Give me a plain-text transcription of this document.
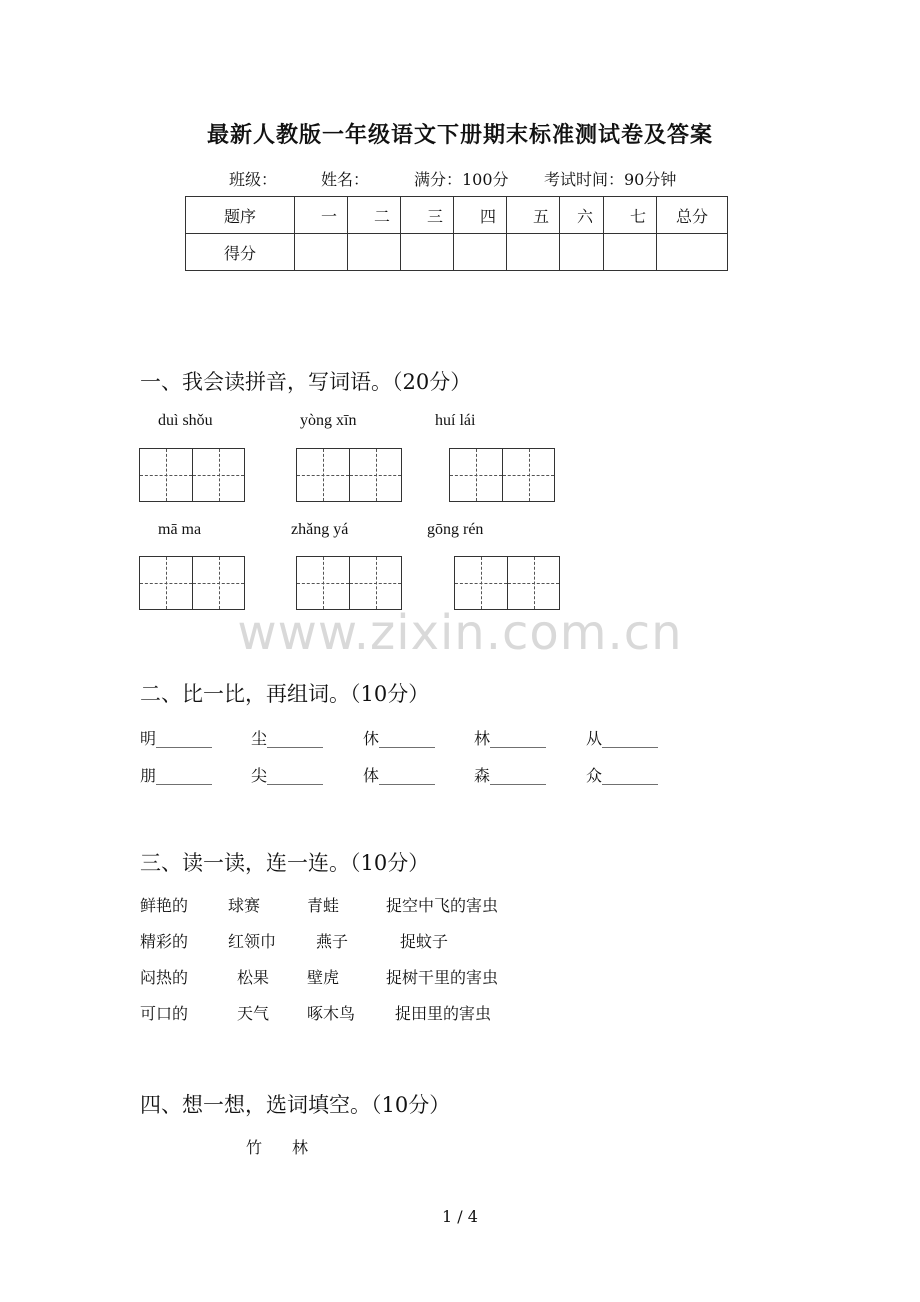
最新人教版一年级语文下册期末标准测试卷及答案
班级：	姓名：	满分：100分 考试时间：90分钟
题序	一	二	三	四	五	六	七	总分
得分								
一、我会读拼音，写词语。（20分）
duì shǒu	yòng xīn	huí lái
mā ma	zhǎng yá	gōng rén
www.zixin.com.cn
二、比一比，再组词。（10分）
明_______ 尘_______ 休_______ 林_______ 从_______
朋_______ 尖_______ 体_______ 森_______ 众_______
三、读一读，连一连。（10分）
鲜艳的 球赛	青蛙	捉空中飞的害虫
精彩的 红领巾 燕子	捉蚊子
闷热的	松果 壁虎	捉树干里的害虫
可口的	天气 啄木鸟 捉田里的害虫
四、想一想，选词填空。（10分）
竹 林
1 / 4
